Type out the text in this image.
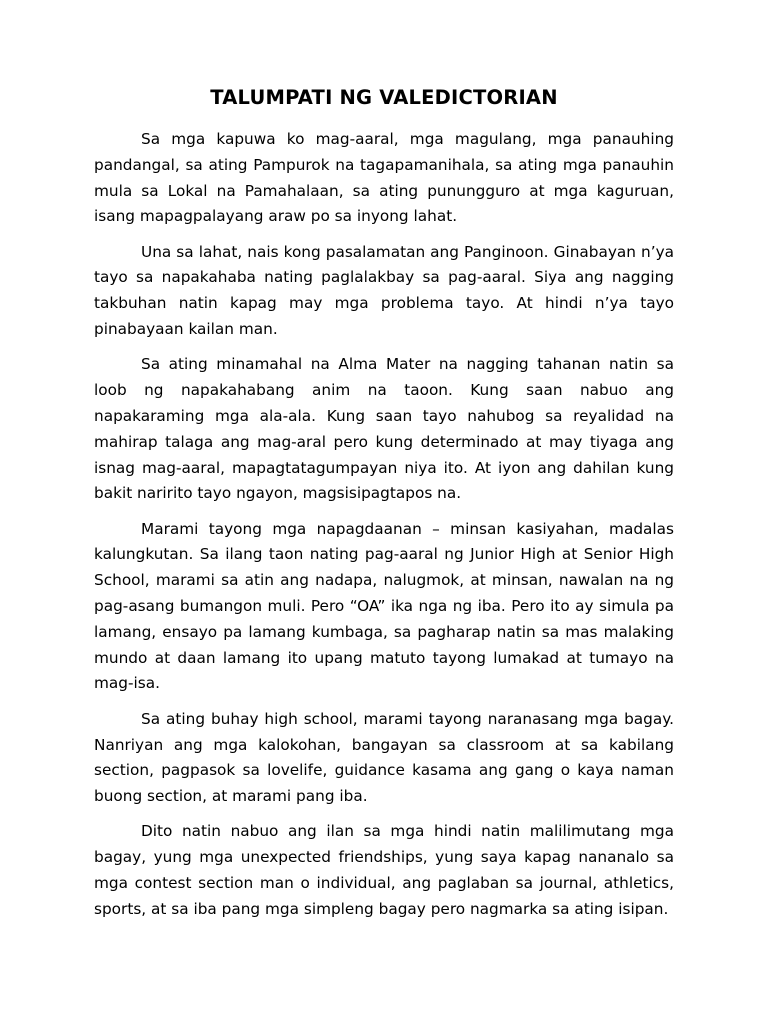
TALUMPATI NG VALEDICTORIAN

Sa mga kapuwa ko mag-aaral, mga magulang, mga panauhing pandangal, sa ating Pampurok na tagapamanihala, sa ating mga panauhin mula sa Lokal na Pamahalaan, sa ating punungguro at mga kaguruan, isang mapagpalayang araw po sa inyong lahat.

Una sa lahat, nais kong pasalamatan ang Panginoon. Ginabayan n’ya tayo sa napakahaba nating paglalakbay sa pag-aaral. Siya ang nagging takbuhan natin kapag may mga problema tayo. At hindi n’ya tayo pinabayaan kailan man.

Sa ating minamahal na Alma Mater na nagging tahanan natin sa loob ng napakahabang anim na taoon. Kung saan nabuo ang napakaraming mga ala-ala. Kung saan tayo nahubog sa reyalidad na mahirap talaga ang mag-aral pero kung determinado at may tiyaga ang isnag mag-aaral, mapagtatagumpayan niya ito. At iyon ang dahilan kung bakit naririto tayo ngayon, magsisipagtapos na.

Marami tayong mga napagdaanan – minsan kasiyahan, madalas kalungkutan. Sa ilang taon nating pag-aaral ng Junior High at Senior High School, marami sa atin ang nadapa, nalugmok, at minsan, nawalan na ng pag-asang bumangon muli. Pero “OA” ika nga ng iba. Pero ito ay simula pa lamang, ensayo pa lamang kumbaga, sa pagharap natin sa mas malaking mundo at daan lamang ito upang matuto tayong lumakad at tumayo na mag-isa.

Sa ating buhay high school, marami tayong naranasang mga bagay. Nanriyan ang mga kalokohan, bangayan sa classroom at sa kabilang section, pagpasok sa lovelife, guidance kasama ang gang o kaya naman buong section, at marami pang iba.

Dito natin nabuo ang ilan sa mga hindi natin malilimutang mga bagay, yung mga unexpected friendships, yung saya kapag nananalo sa mga contest section man o individual, ang paglaban sa journal, athletics, sports, at sa iba pang mga simpleng bagay pero nagmarka sa ating isipan.
